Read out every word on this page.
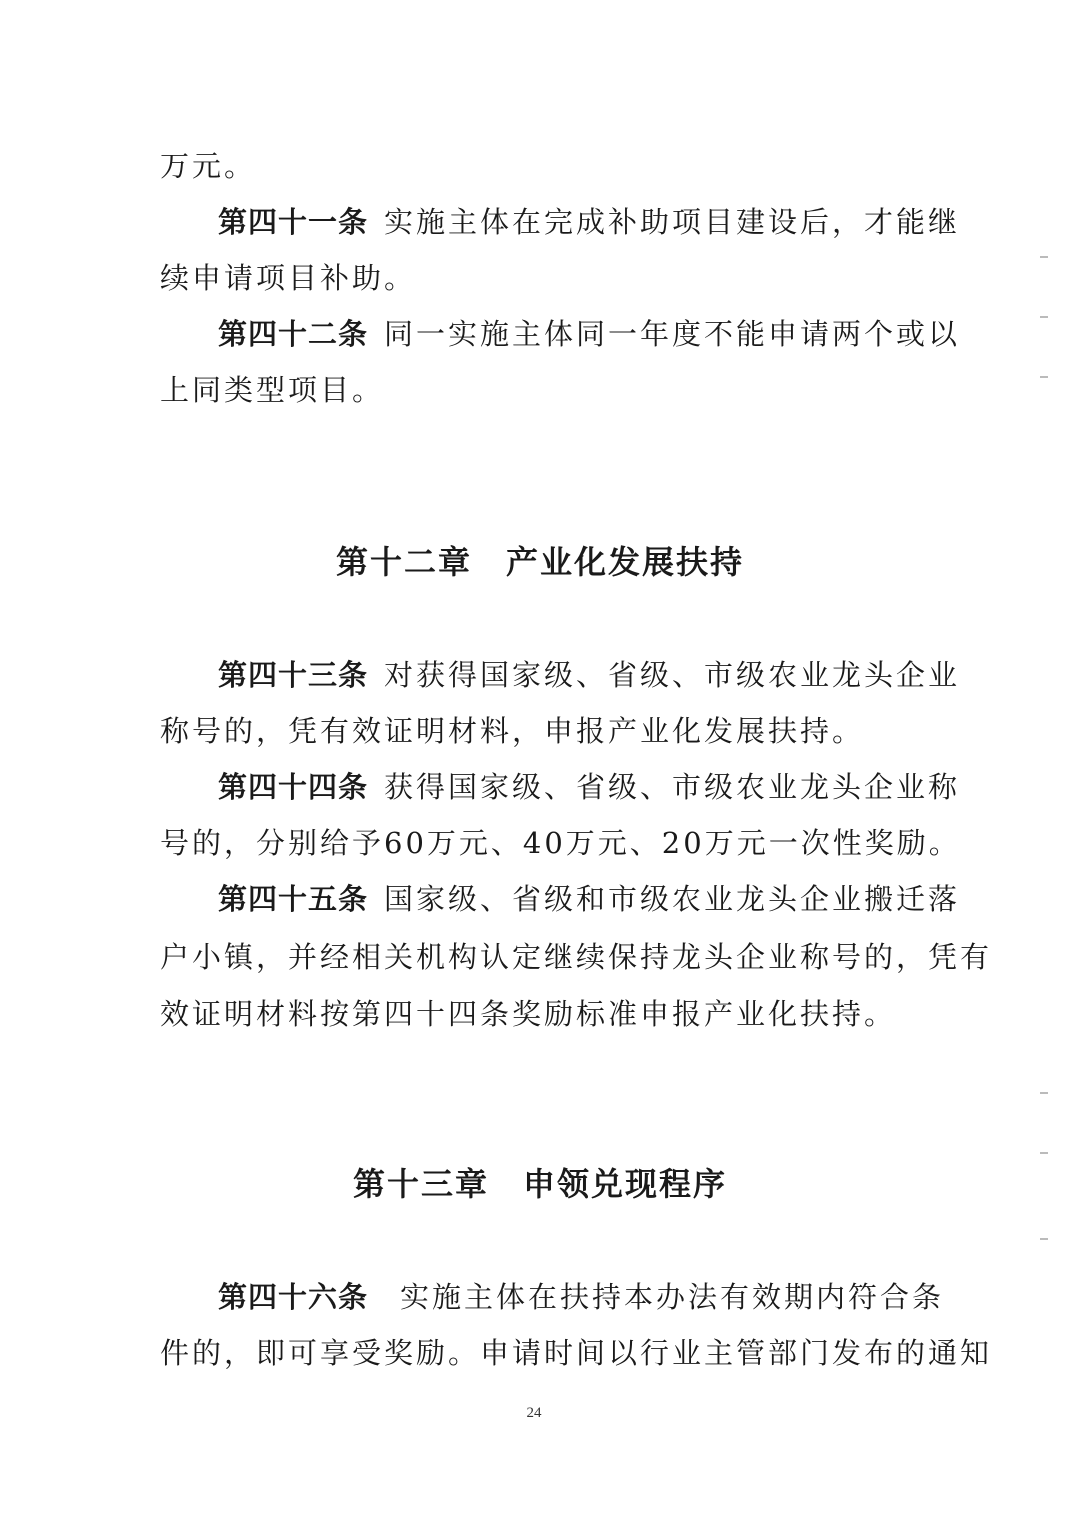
万元。
第四十一条 实施主体在完成补助项目建设后，才能继
续申请项目补助。
第四十二条 同一实施主体同一年度不能申请两个或以
上同类型项目。
第十二章 产业化发展扶持
第四十三条 对获得国家级、省级、市级农业龙头企业
称号的，凭有效证明材料，申报产业化发展扶持。
第四十四条 获得国家级、省级、市级农业龙头企业称
号的，分别给予60万元、40万元、20万元一次性奖励。
第四十五条 国家级、省级和市级农业龙头企业搬迁落
户小镇，并经相关机构认定继续保持龙头企业称号的，凭有
效证明材料按第四十四条奖励标准申报产业化扶持。
第十三章 申领兑现程序
第四十六条 实施主体在扶持本办法有效期内符合条
件的，即可享受奖励。申请时间以行业主管部门发布的通知
24
